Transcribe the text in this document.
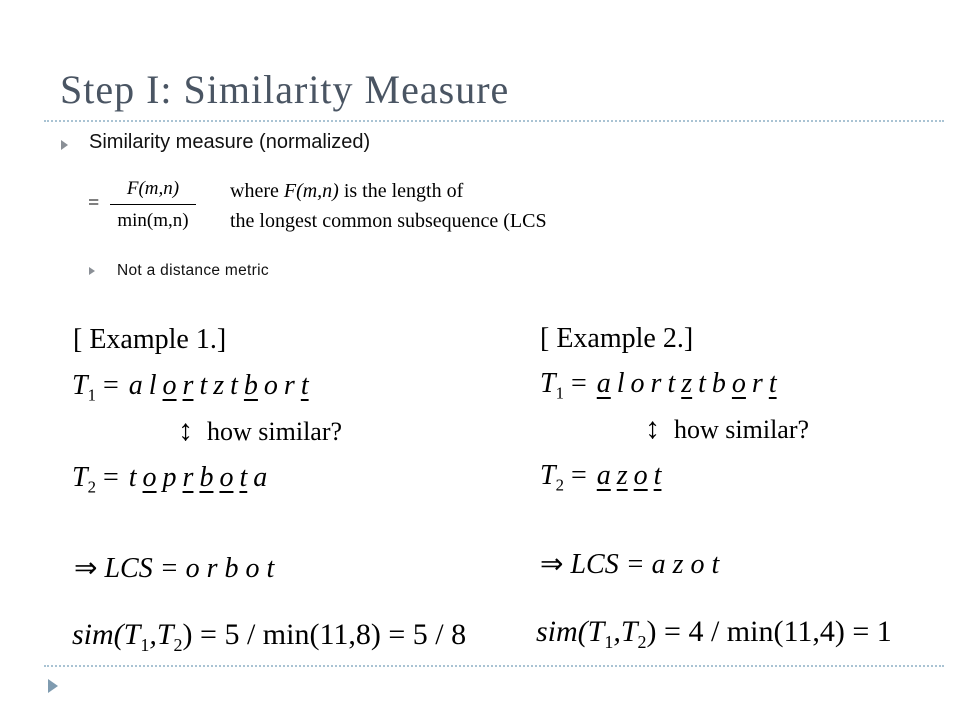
Step I: Similarity Measure
Similarity measure (normalized)
=
F(m,n)
min(m,n)
where F(m,n) is the length of
the longest common subsequence (LCS
Not a distance metric
[ Example 1.]
$T_1 = a$ l o r t z t b o r t
↕ how similar?
$T_2 = t$ o p r b o t a
⇒ LCS = o r b o t
$sim(T_1,T_2) = 5 / \min(11,8) = 5 / 8$
[ Example 2.]
$T_1 = a$ l o r t z t b o r t
↕ how similar?
$T_2 = a$ z o t
⇒ LCS = a z o t
$sim(T_1,T_2) = 4 / \min(11,4) = 1$
